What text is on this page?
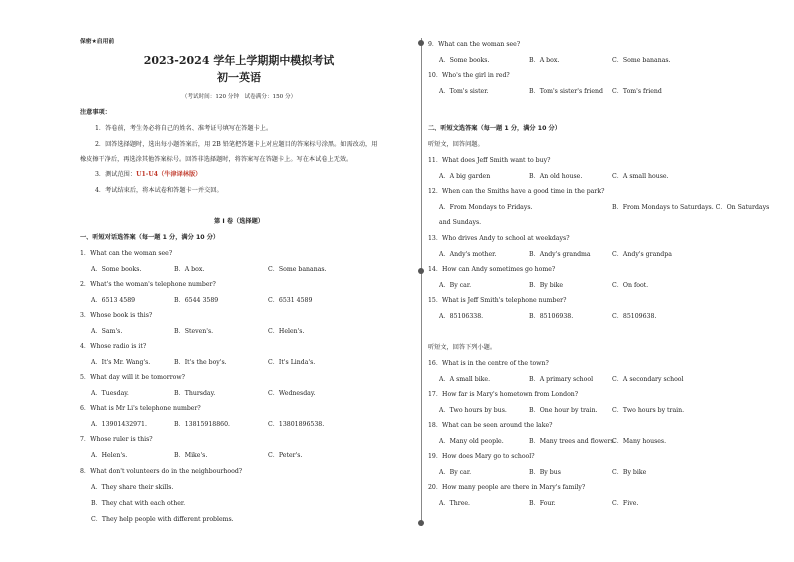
保密★启用前
2023-2024 学年上学期期中模拟考试
初一英语
（考试时间：120 分钟　试卷满分：150 分）
注意事项：
1．答卷前，考生务必将自己的姓名、准考证号填写在答题卡上。
2．回答选择题时，选出每小题答案后，用 2B 铅笔把答题卡上对应题目的答案标号涂黑。如需改动，用
橡皮擦干净后，再选涂其他答案标号。回答非选择题时，将答案写在答题卡上。写在本试卷上无效。
3．测试范围：U1-U4（牛津译林版）
4．考试结束后，将本试卷和答题卡一并交回。
第 I 卷（选择题）
一、听短对话选答案（每一题 1 分，满分 10 分）
1．What can the woman see?
A．Some books.	B．A box.	C．Some bananas.
2．What's the woman's telephone number?
A．6513 4589	B．6544 3589	C．6531 4589
3．Whose book is this?
A．Sam's.	B．Steven's.	C．Helen's.
4．Whose radio is it?
A．It's Mr. Wang's.	B．It's the boy's.	C．It's Linda's.
5．What day will it be tomorrow?
A．Tuesday.	B．Thursday.	C．Wednesday.
6．What is Mr Li's telephone number?
A．13901432971.	B．13815918860.	C．13801896538.
7．Whose ruler is this?
A．Helen's.	B．Mike's.	C．Peter's.
8．What don't volunteers do in the neighbourhood?
A．They share their skills.
B．They chat with each other.
C．They help people with different problems.
9．What can the woman see?
A．Some books.	B．A box.	C．Some bananas.
10．Who's the girl in red?
A．Tom's sister.	B．Tom's sister's friend C．Tom's friend
二、听短文选答案（每一题 1 分，满分 10 分）
听短文，回答问题。
11．What does Jeff Smith want to buy?
A．A big garden	B．An old house.	C．A small house.
12．When can the Smiths have a good time in the park?
A．From Mondays to Fridays.	B．From Mondays to Saturdays. C．On Saturdays
and Sundays.
13．Who drives Andy to school at weekdays?
A．Andy's mother.	B．Andy's grandma	C．Andy's grandpa
14．How can Andy sometimes go home?
A．By car.	B．By bike	C．On foot.
15．What is Jeff Smith's telephone number?
A．85106338.	B．85106938.	C．85109638.
听短文，回答下列小题。
16．What is in the centre of the town?
A．A small bike.	B．A primary school	C．A secondary school
17．How far is Mary's hometown from London?
A．Two hours by bus.	B．One hour by train. C．Two hours by train.
18．What can be seen around the lake?
A．Many old people.	B．Many trees and flowers.
C．Many houses.
19．How does Mary go to school?
A．By car.	B．By bus	C．By bike
20．How many people are there in Mary's family?
A．Three.	B．Four.	C．Five.
